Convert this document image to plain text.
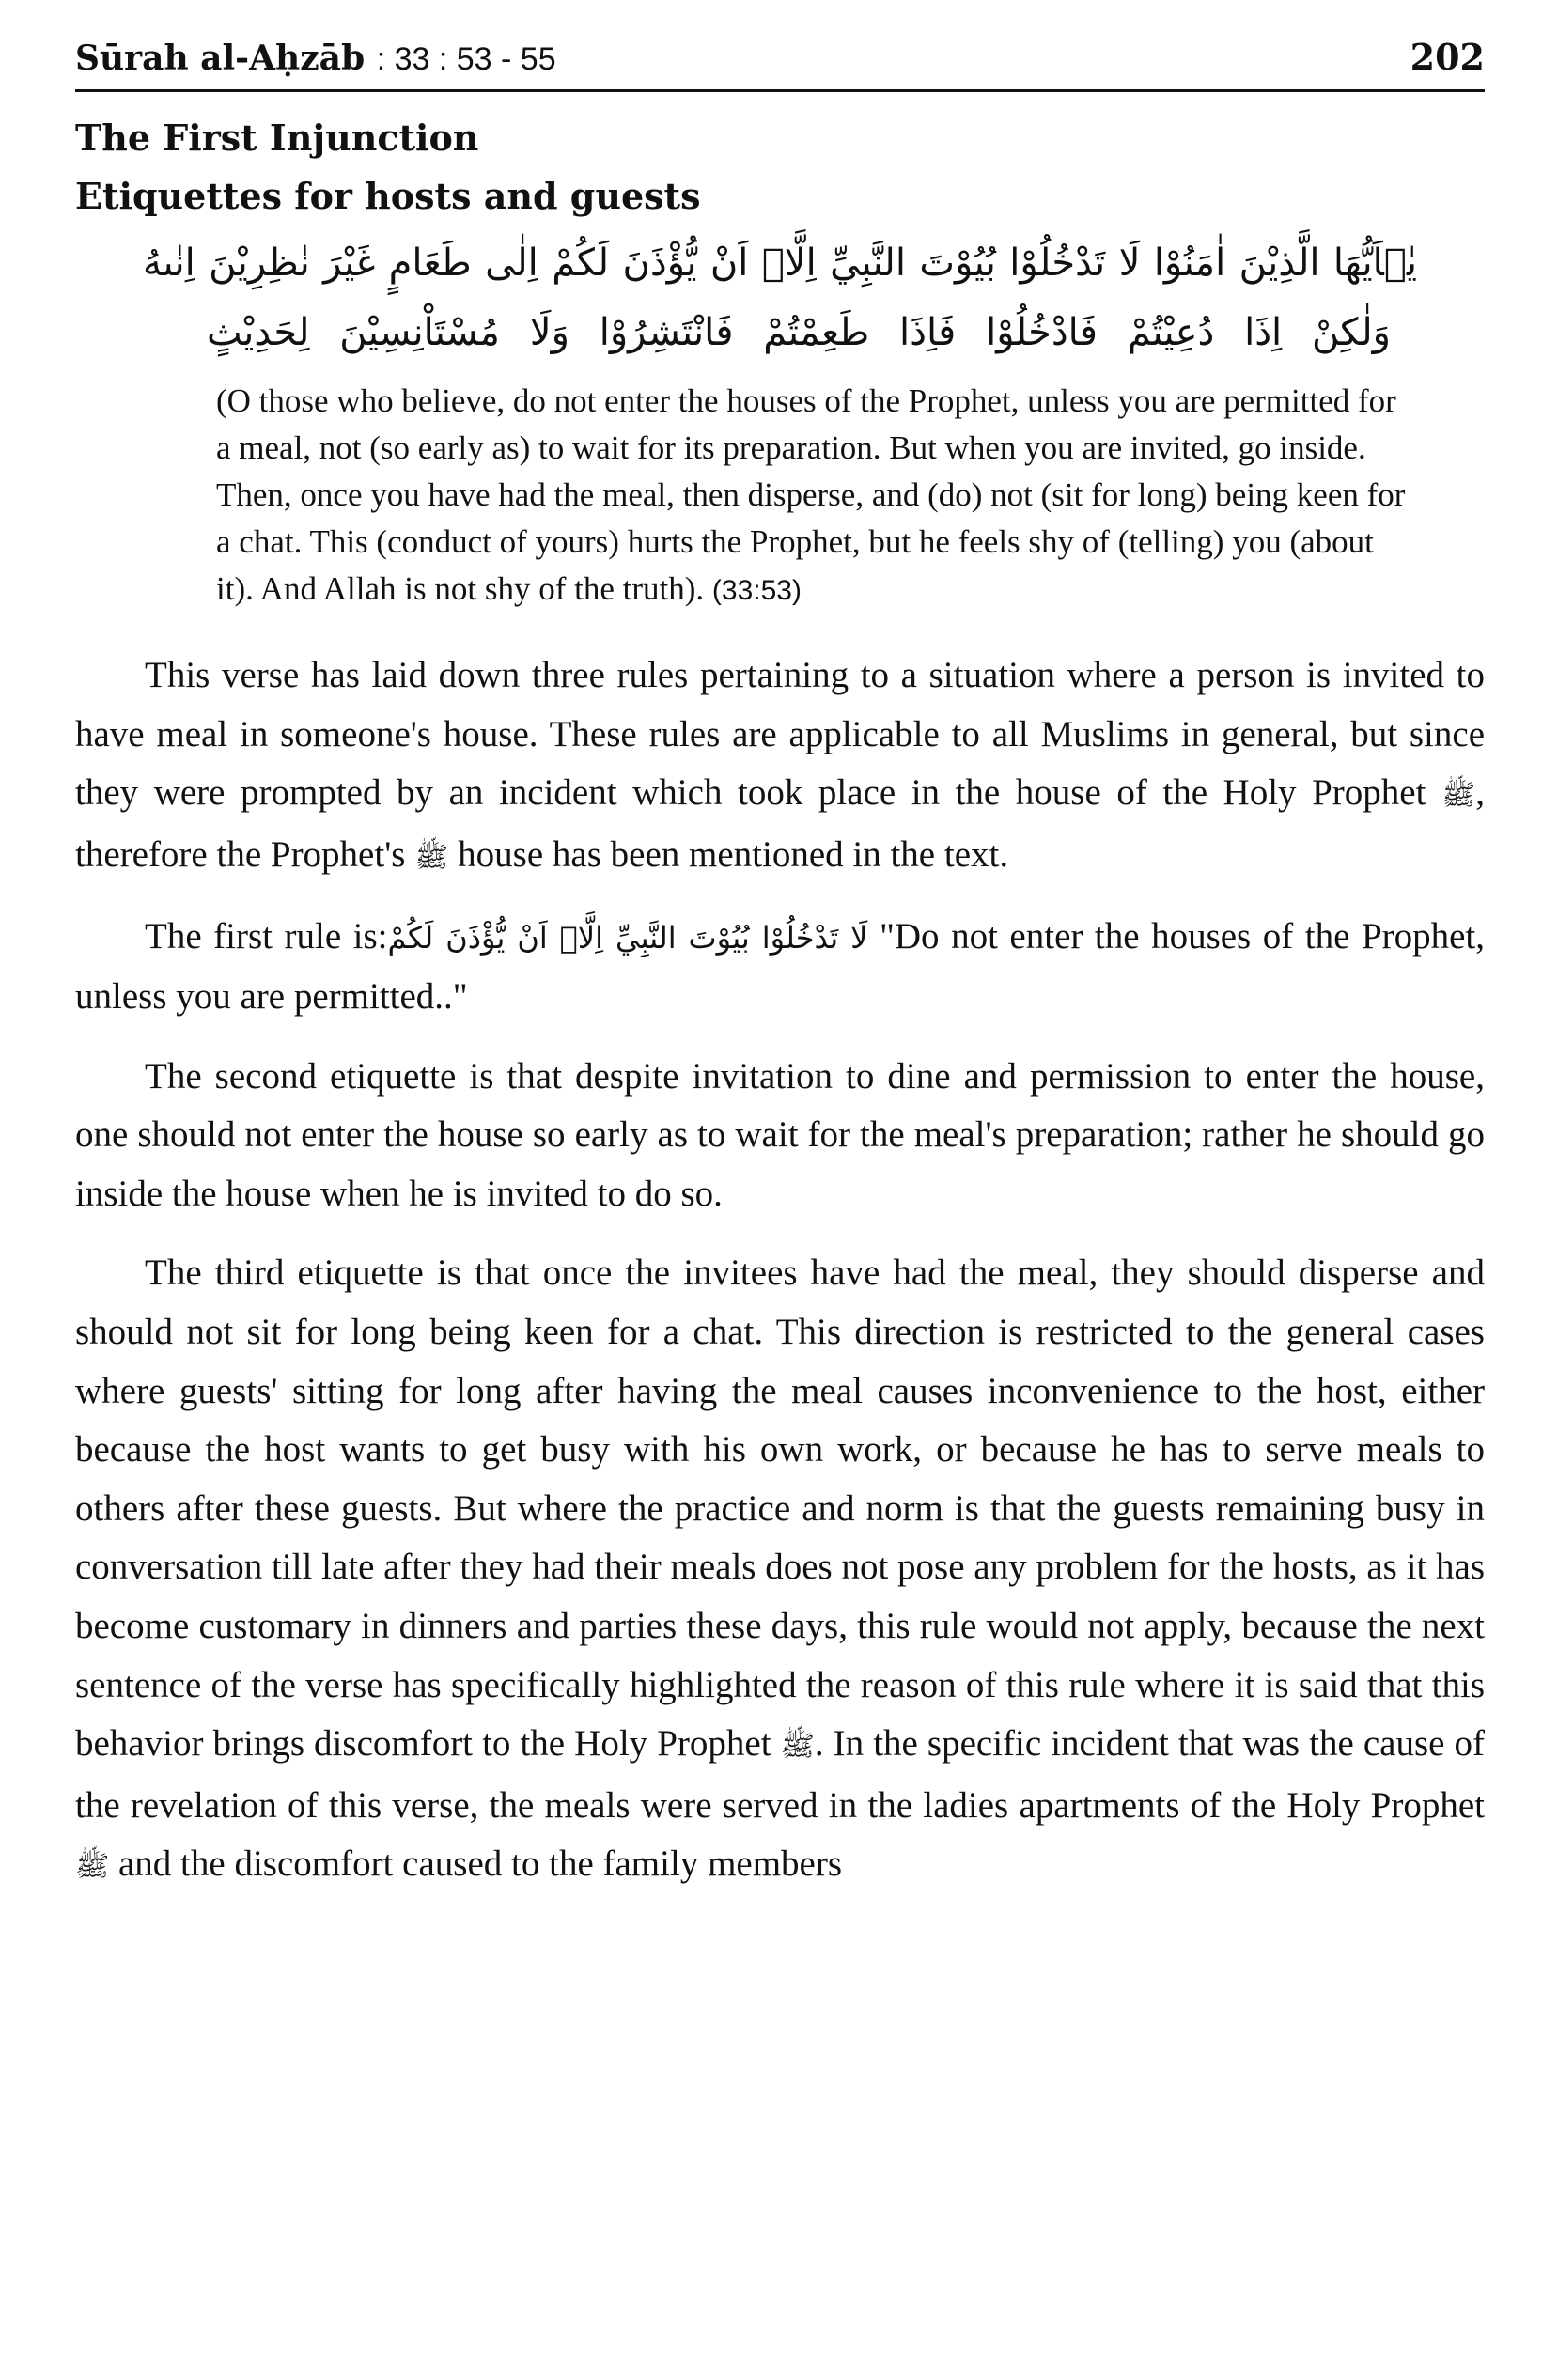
Sūrah al-Aḥzāb : 33 : 53 - 55	202
The First Injunction
Etiquettes for hosts and guests
يٰۤاَيُّهَا الَّذِيْنَ اٰمَنُوْا لَا تَدْخُلُوْا بُيُوْتَ النَّبِيِّ اِلَّاۤ اَنْ يُّؤْذَنَ لَكُمْ اِلٰى طَعَامٍ غَيْرَ نٰظِرِيْنَ اِنٰىهُ
وَلٰكِنْ اِذَا دُعِيْتُمْ فَادْخُلُوْا فَاِذَا طَعِمْتُمْ فَانْتَشِرُوْا وَلَا مُسْتَاْنِسِيْنَ لِحَدِيْثٍ

(O those who believe, do not enter the houses of the Prophet, unless you are permitted for a meal, not (so early as) to wait for its preparation. But when you are invited, go inside. Then, once you have had the meal, then disperse, and (do) not (sit for long) being keen for a chat. This (conduct of yours) hurts the Prophet, but he feels shy of (telling) you (about it). And Allah is not shy of the truth). (33:53)

This verse has laid down three rules pertaining to a situation where a person is invited to have meal in someone's house. These rules are applicable to all Muslims in general, but since they were prompted by an incident which took place in the house of the Holy Prophet ﷺ, therefore the Prophet's ﷺ house has been mentioned in the text.

The first rule is:لَا تَدْخُلُوْا بُيُوْتَ النَّبِيِّ اِلَّاۤ اَنْ يُّؤْذَنَ لَكُمْ "Do not enter the houses of the Prophet, unless you are permitted.."

The second etiquette is that despite invitation to dine and permission to enter the house, one should not enter the house so early as to wait for the meal's preparation; rather he should go inside the house when he is invited to do so.

The third etiquette is that once the invitees have had the meal, they should disperse and should not sit for long being keen for a chat. This direction is restricted to the general cases where guests' sitting for long after having the meal causes inconvenience to the host, either because the host wants to get busy with his own work, or because he has to serve meals to others after these guests. But where the practice and norm is that the guests remaining busy in conversation till late after they had their meals does not pose any problem for the hosts, as it has become customary in dinners and parties these days, this rule would not apply, because the next sentence of the verse has specifically highlighted the reason of this rule where it is said that this behavior brings discomfort to the Holy Prophet ﷺ. In the specific incident that was the cause of the revelation of this verse, the meals were served in the ladies apartments of the Holy Prophet ﷺ and the discomfort caused to the family members
